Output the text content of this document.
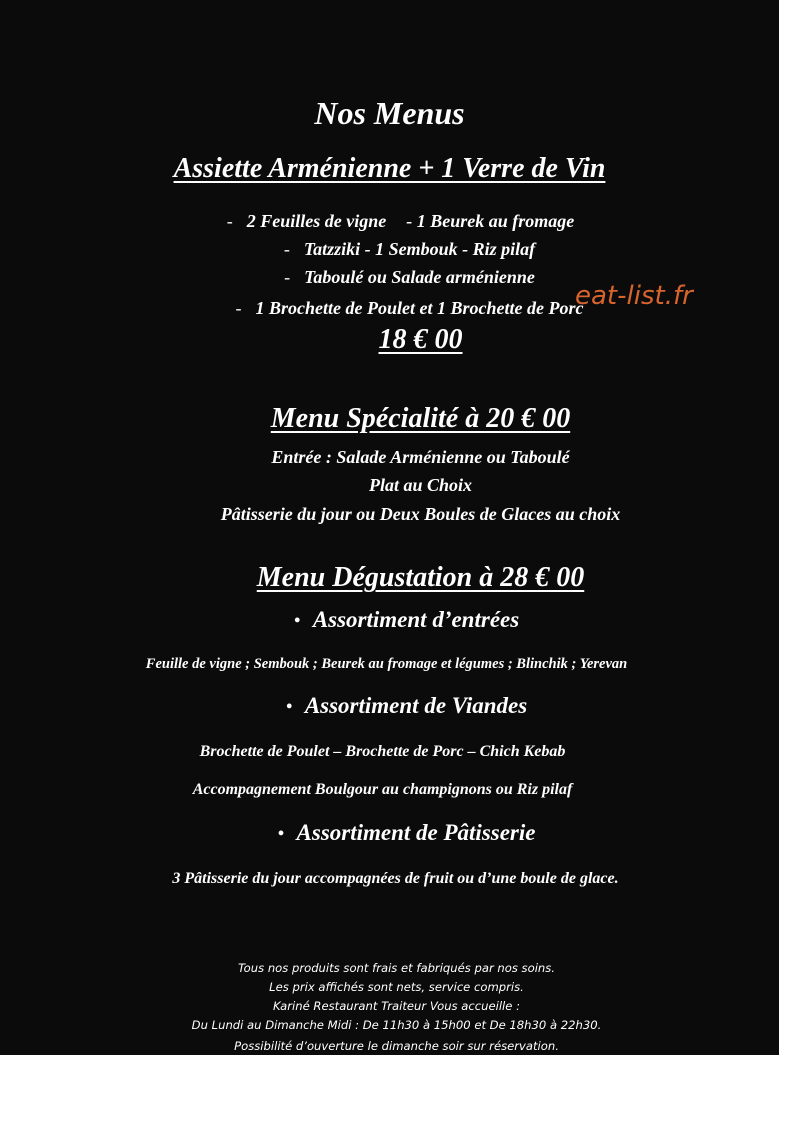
Nos Menus
Assiette Arménienne + 1 Verre de Vin
- 2 Feuilles de vigne - 1 Beurek au fromage
- Tatzziki - 1 Sembouk - Riz pilaf
- Taboulé ou Salade arménienne
- 1 Brochette de Poulet et 1 Brochette de Porc
18 € 00
Menu Spécialité à 20 € 00
Entrée : Salade Arménienne ou Taboulé
Plat au Choix
Pâtisserie du jour ou Deux Boules de Glaces au choix
Menu Dégustation à 28 € 00
• Assortiment d’entrées
Feuille de vigne ; Sembouk ; Beurek au fromage et légumes ; Blinchik ; Yerevan
• Assortiment de Viandes
Brochette de Poulet – Brochette de Porc – Chich Kebab
Accompagnement Boulgour au champignons ou Riz pilaf
• Assortiment de Pâtisserie
3 Pâtisserie du jour accompagnées de fruit ou d’une boule de glace.
eat-list.fr
Tous nos produits sont frais et fabriqués par nos soins.
Les prix affichés sont nets, service compris.
Kariné Restaurant Traiteur Vous accueille :
Du Lundi au Dimanche Midi : De 11h30 à 15h00 et De 18h30 à 22h30.
Possibilité d’ouverture le dimanche soir sur réservation.
